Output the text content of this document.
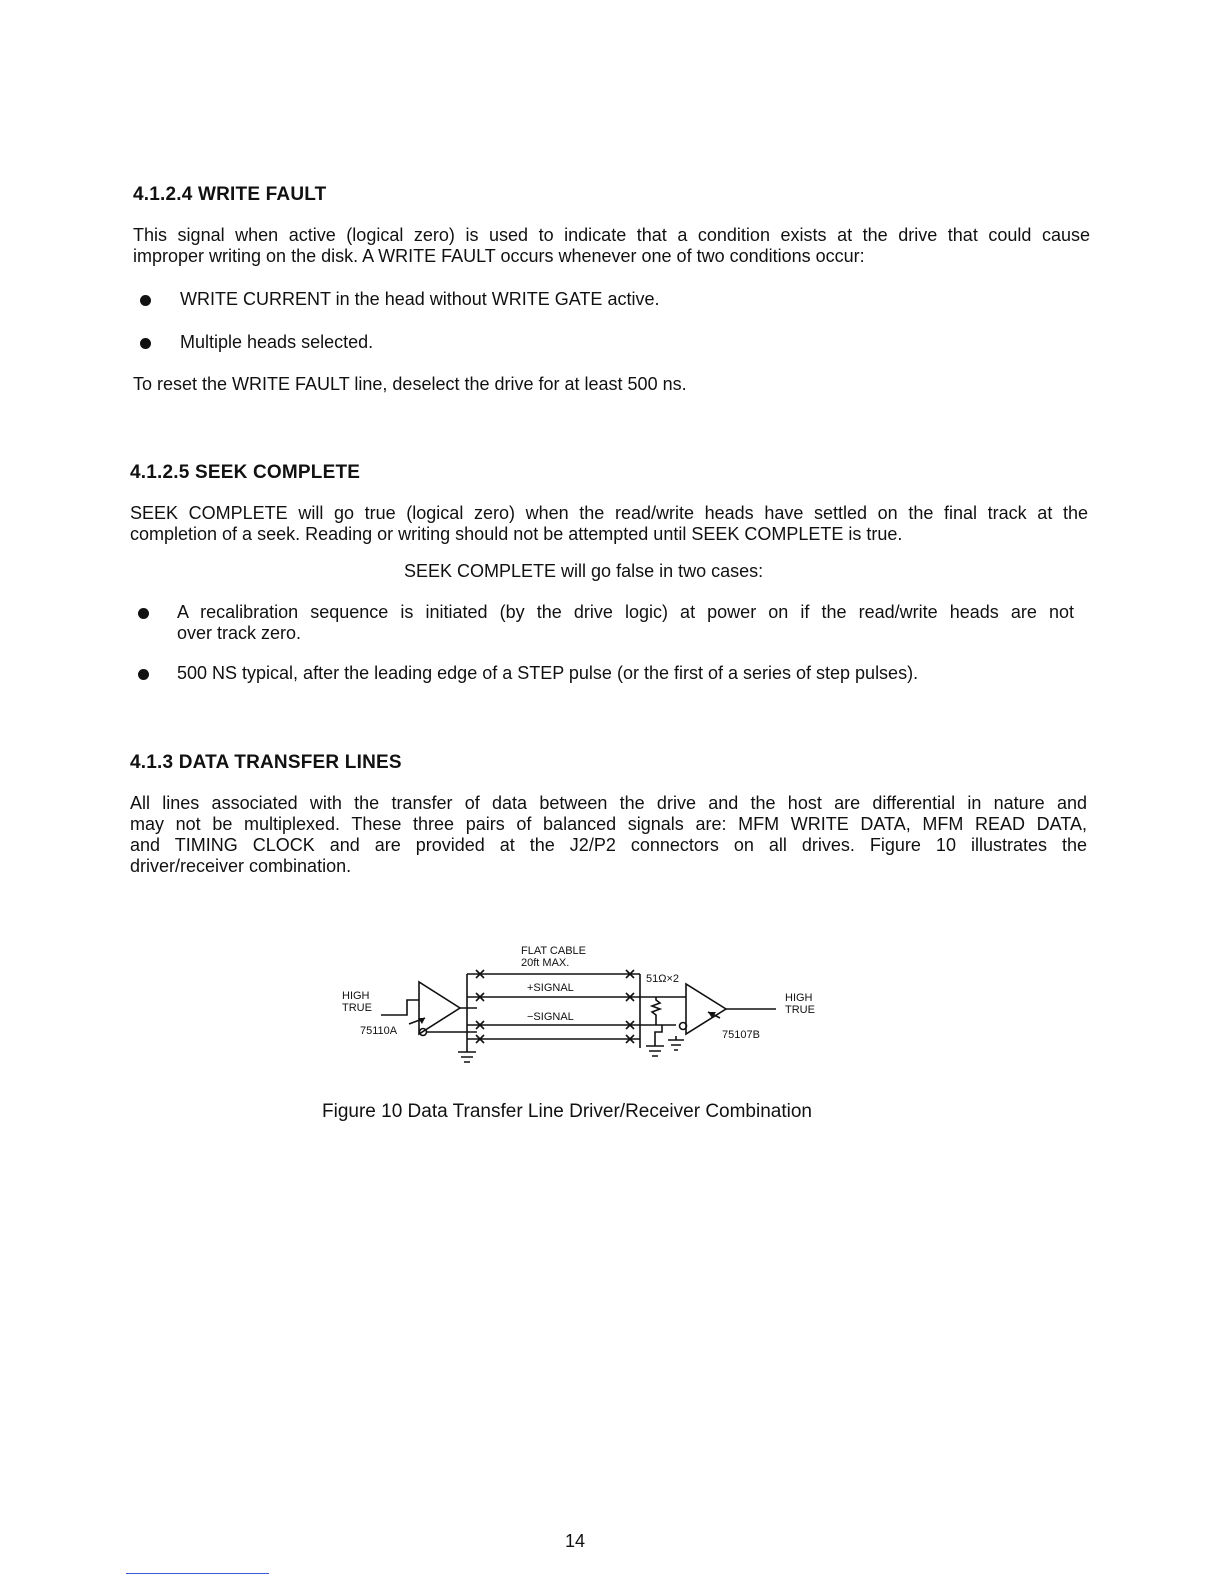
4.1.2.4 WRITE FAULT
This signal when active (logical zero) is used to indicate that a condition exists at the drive that could cause
improper writing on the disk. A WRITE FAULT occurs whenever one of two conditions occur:
WRITE CURRENT in the head without WRITE GATE active.
Multiple heads selected.
To reset the WRITE FAULT line, deselect the drive for at least 500 ns.
4.1.2.5 SEEK COMPLETE
SEEK COMPLETE will go true (logical zero) when the read/write heads have settled on the final track at the
completion of a seek. Reading or writing should not be attempted until SEEK COMPLETE is true.
SEEK COMPLETE will go false in two cases:
A recalibration sequence is initiated (by the drive logic) at power on if the read/write heads are not
over track zero.
500 NS typical, after the leading edge of a STEP pulse (or the first of a series of step pulses).
4.1.3 DATA TRANSFER LINES
All lines associated with the transfer of data between the drive and the host are differential in nature and
may not be multiplexed. These three pairs of balanced signals are: MFM WRITE DATA, MFM READ DATA,
and TIMING CLOCK and are provided at the J2/P2 connectors on all drives. Figure 10 illustrates the
driver/receiver combination.
FLAT CABLE
20ft MAX.
+SIGNAL
−SIGNAL
51Ω×2
HIGH
TRUE
HIGH
TRUE
75110A	75107B
Figure 10 Data Transfer Line Driver/Receiver Combination
14
